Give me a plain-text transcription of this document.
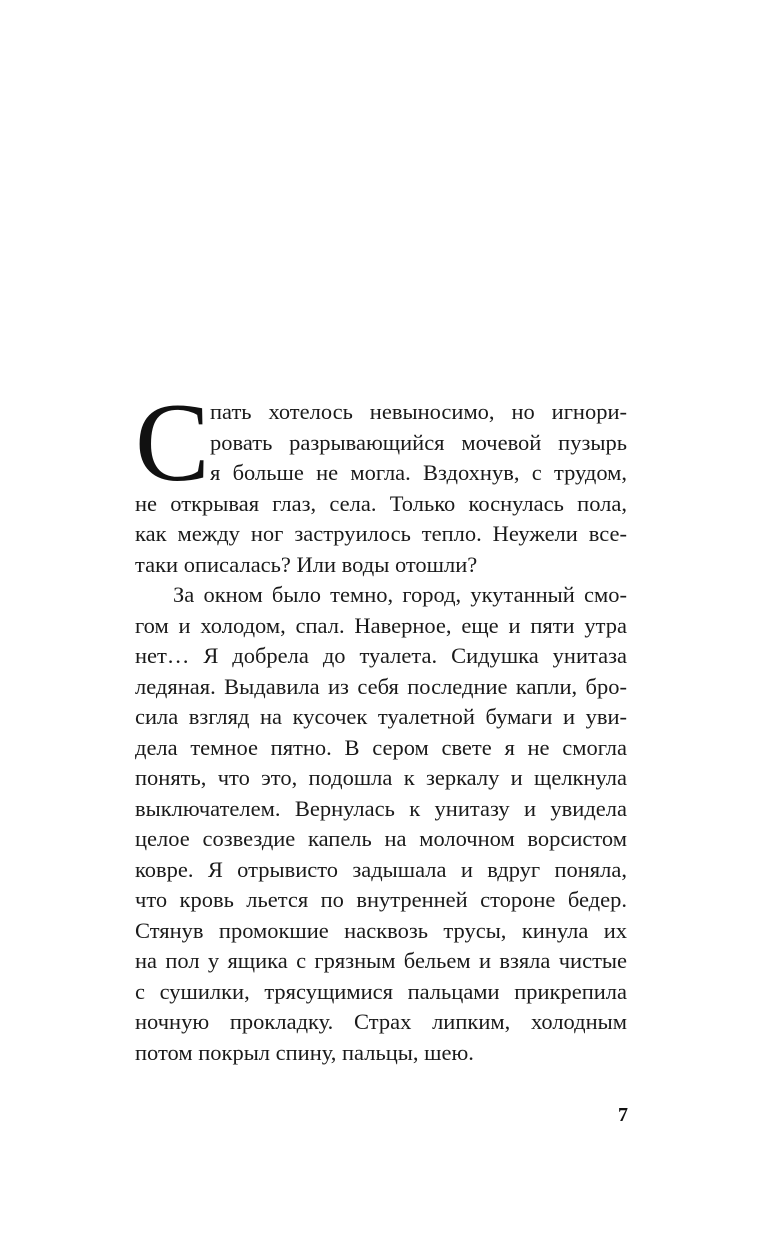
С пать хотелось невыносимо, но игнори-
ровать разрывающийся мочевой пузырь
я больше не могла. Вздохнув, с трудом,
не открывая глаз, села. Только коснулась пола,
как между ног заструилось тепло. Неужели все-
таки описалась? Или воды отошли?
За окном было темно, город, укутанный смо-
гом и холодом, спал. Наверное, еще и пяти утра
нет… Я добрела до туалета. Сидушка унитаза
ледяная. Выдавила из себя последние капли, бро-
сила взгляд на кусочек туалетной бумаги и уви-
дела темное пятно. В сером свете я не смогла
понять, что это, подошла к зеркалу и щелкнула
выключателем. Вернулась к унитазу и увидела
целое созвездие капель на молочном ворсистом
ковре. Я отрывисто задышала и вдруг поняла,
что кровь льется по внутренней стороне бедер.
Стянув промокшие насквозь трусы, кинула их
на пол у ящика с грязным бельем и взяла чистые
с сушилки, трясущимися пальцами прикрепила
ночную прокладку. Страх липким, холодным
потом покрыл спину, пальцы, шею.
7
